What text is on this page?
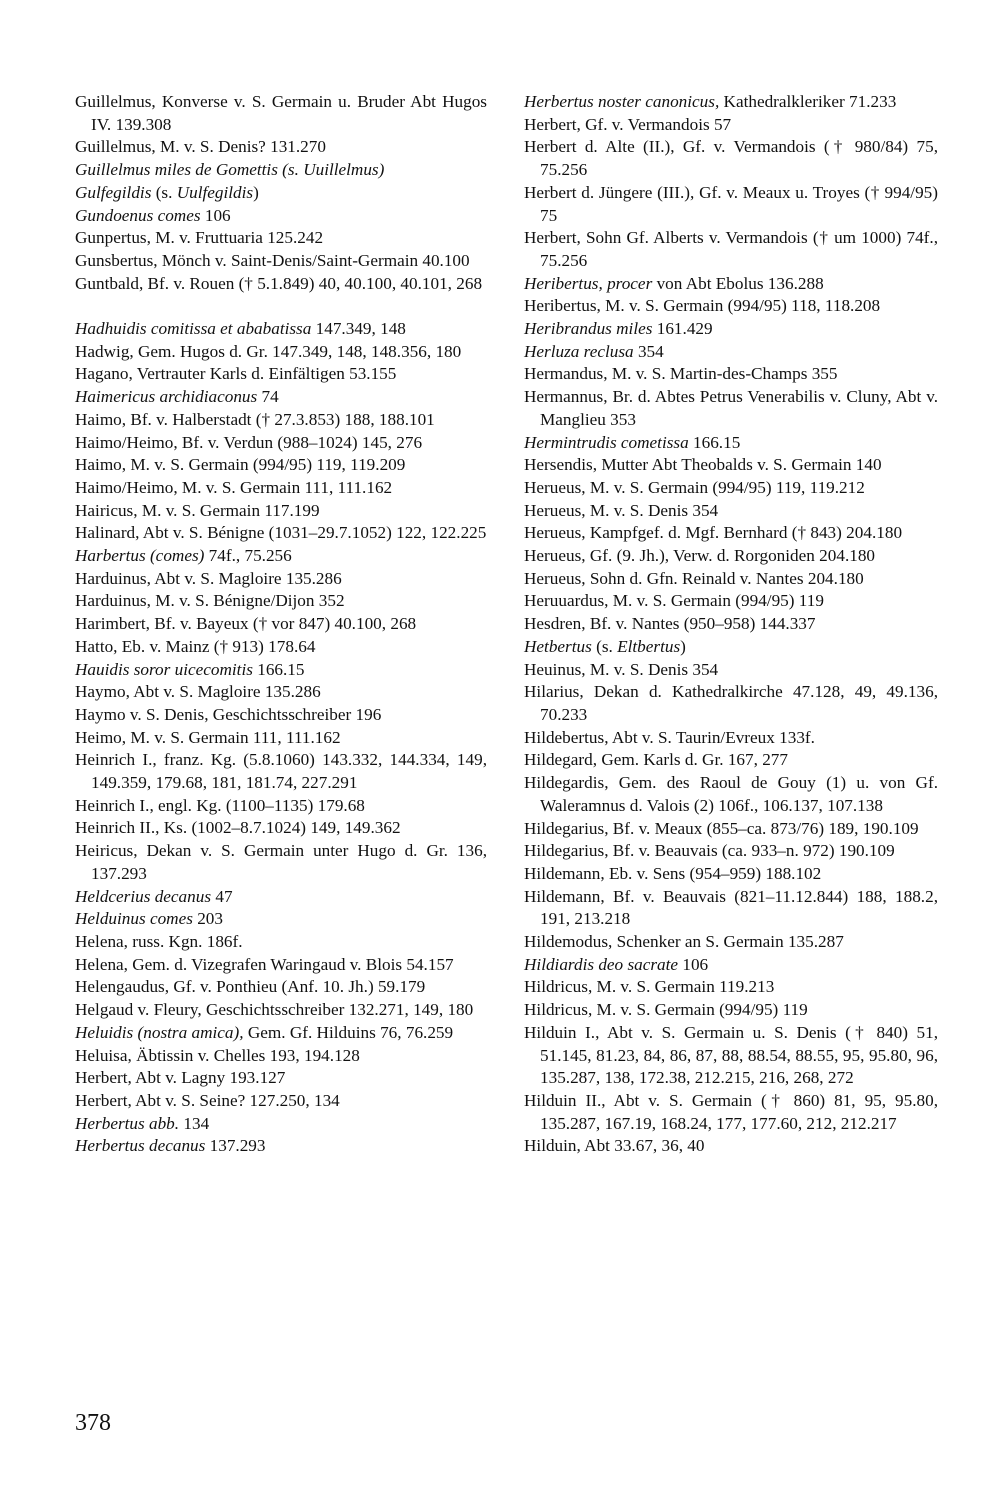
Guillelmus, Konverse v. S. Germain u. Bruder Abt Hugos IV. 139.308
Guillelmus, M. v. S. Denis? 131.270
Guillelmus miles de Gomettis (s. Uuillelmus)
Gulfegildis (s. Uulfegildis)
Gundoenus comes 106
Gunpertus, M. v. Fruttuaria 125.242
Gunsbertus, Mönch v. Saint-Denis/Saint-Germain 40.100
Guntbald, Bf. v. Rouen († 5.1.849) 40, 40.100, 40.101, 268
Hadhuidis comitissa et ababatissa 147.349, 148
Hadwig, Gem. Hugos d. Gr. 147.349, 148, 148.356, 180
Hagano, Vertrauter Karls d. Einfältigen 53.155
Haimericus archidiaconus 74
Haimo, Bf. v. Halberstadt († 27.3.853) 188, 188.101
Haimo/Heimo, Bf. v. Verdun (988–1024) 145, 276
Haimo, M. v. S. Germain (994/95) 119, 119.209
Haimo/Heimo, M. v. S. Germain 111, 111.162
Hairicus, M. v. S. Germain 117.199
Halinard, Abt v. S. Bénigne (1031–29.7.1052) 122, 122.225
Harbertus (comes) 74f., 75.256
Harduinus, Abt v. S. Magloire 135.286
Harduinus, M. v. S. Bénigne/Dijon 352
Harimbert, Bf. v. Bayeux († vor 847) 40.100, 268
Hatto, Eb. v. Mainz († 913) 178.64
Hauidis soror uicecomitis 166.15
Haymo, Abt v. S. Magloire 135.286
Haymo v. S. Denis, Geschichtsschreiber 196
Heimo, M. v. S. Germain 111, 111.162
Heinrich I., franz. Kg. (5.8.1060) 143.332, 144.334, 149, 149.359, 179.68, 181, 181.74, 227.291
Heinrich I., engl. Kg. (1100–1135) 179.68
Heinrich II., Ks. (1002–8.7.1024) 149, 149.362
Heiricus, Dekan v. S. Germain unter Hugo d. Gr. 136, 137.293
Heldcerius decanus 47
Helduinus comes 203
Helena, russ. Kgn. 186f.
Helena, Gem. d. Vizegrafen Waringaud v. Blois 54.157
Helengaudus, Gf. v. Ponthieu (Anf. 10. Jh.) 59.179
Helgaud v. Fleury, Geschichtsschreiber 132.271, 149, 180
Heluidis (nostra amica), Gem. Gf. Hilduins 76, 76.259
Heluisa, Äbtissin v. Chelles 193, 194.128
Herbert, Abt v. Lagny 193.127
Herbert, Abt v. S. Seine? 127.250, 134
Herbertus abb. 134
Herbertus decanus 137.293
Herbertus noster canonicus, Kathedralkleriker 71.233
Herbert, Gf. v. Vermandois 57
Herbert d. Alte (II.), Gf. v. Vermandois († 980/84) 75, 75.256
Herbert d. Jüngere (III.), Gf. v. Meaux u. Troyes († 994/95) 75
Herbert, Sohn Gf. Alberts v. Vermandois († um 1000) 74f., 75.256
Heribertus, procer von Abt Ebolus 136.288
Heribertus, M. v. S. Germain (994/95) 118, 118.208
Heribrandus miles 161.429
Herluza reclusa 354
Hermandus, M. v. S. Martin-des-Champs 355
Hermannus, Br. d. Abtes Petrus Venerabilis v. Cluny, Abt v. Manglieu 353
Hermintrudis cometissa 166.15
Hersendis, Mutter Abt Theobalds v. S. Germain 140
Herueus, M. v. S. Germain (994/95) 119, 119.212
Herueus, M. v. S. Denis 354
Herueus, Kampfgef. d. Mgf. Bernhard († 843) 204.180
Herueus, Gf. (9. Jh.), Verw. d. Rorgoniden 204.180
Herueus, Sohn d. Gfn. Reinald v. Nantes 204.180
Heruuardus, M. v. S. Germain (994/95) 119
Hesdren, Bf. v. Nantes (950–958) 144.337
Hetbertus (s. Eltbertus)
Heuinus, M. v. S. Denis 354
Hilarius, Dekan d. Kathedralkirche 47.128, 49, 49.136, 70.233
Hildebertus, Abt v. S. Taurin/Evreux 133f.
Hildegard, Gem. Karls d. Gr. 167, 277
Hildegardis, Gem. des Raoul de Gouy (1) u. von Gf. Waleramnus d. Valois (2) 106f., 106.137, 107.138
Hildegarius, Bf. v. Meaux (855–ca. 873/76) 189, 190.109
Hildegarius, Bf. v. Beauvais (ca. 933–n. 972) 190.109
Hildemann, Eb. v. Sens (954–959) 188.102
Hildemann, Bf. v. Beauvais (821–11.12.844) 188, 188.2, 191, 213.218
Hildemodus, Schenker an S. Germain 135.287
Hildiardis deo sacrate 106
Hildricus, M. v. S. Germain 119.213
Hildricus, M. v. S. Germain (994/95) 119
Hilduin I., Abt v. S. Germain u. S. Denis († 840) 51, 51.145, 81.23, 84, 86, 87, 88, 88.54, 88.55, 95, 95.80, 96, 135.287, 138, 172.38, 212.215, 216, 268, 272
Hilduin II., Abt v. S. Germain († 860) 81, 95, 95.80, 135.287, 167.19, 168.24, 177, 177.60, 212, 212.217
Hilduin, Abt 33.67, 36, 40
378
